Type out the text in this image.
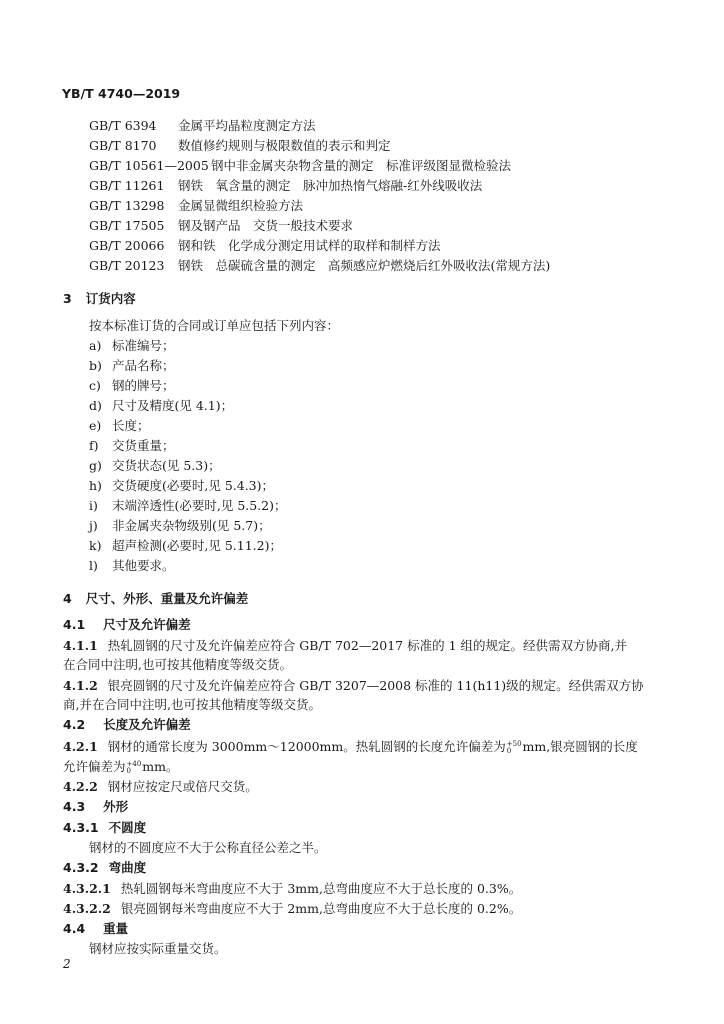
YB/T 4740—2019
GB/T 6394 金属平均晶粒度测定方法
GB/T 8170 数值修约规则与极限数值的表示和判定
GB/T 10561—2005 钢中非金属夹杂物含量的测定　标准评级图显微检验法
GB/T 11261 钢铁　氧含量的测定　脉冲加热惰气熔融-红外线吸收法
GB/T 13298 金属显微组织检验方法
GB/T 17505 钢及钢产品　交货一般技术要求
GB/T 20066 钢和铁　化学成分测定用试样的取样和制样方法
GB/T 20123 钢铁　总碳硫含量的测定　高频感应炉燃烧后红外吸收法(常规方法)
3 订货内容
按本标准订货的合同或订单应包括下列内容：
a) 标准编号；
b) 产品名称；
c) 钢的牌号；
d) 尺寸及精度(见 4.1)；
e) 长度；
f) 交货重量；
g) 交货状态(见 5.3)；
h) 交货硬度(必要时,见 5.4.3)；
i) 末端淬透性(必要时,见 5.5.2)；
j) 非金属夹杂物级别(见 5.7)；
k) 超声检测(必要时,见 5.11.2)；
l) 其他要求。
4 尺寸、外形、重量及允许偏差
4.1 尺寸及允许偏差
4.1.1 热轧圆钢的尺寸及允许偏差应符合 GB/T 702—2017 标准的 1 组的规定。经供需双方协商,并
在合同中注明,也可按其他精度等级交货。
4.1.2 银亮圆钢的尺寸及允许偏差应符合 GB/T 3207—2008 标准的 11(h11)级的规定。经供需双方协
商,并在合同中注明,也可按其他精度等级交货。
4.2 长度及允许偏差
4.2.1 钢材的通常长度为 3000mm～12000mm。热轧圆钢的长度允许偏差为 +50
0 mm,银亮圆钢的长度
允许偏差为 +40
0 mm。
4.2.2 钢材应按定尺或倍尺交货。
4.3 外形
4.3.1 不圆度
钢材的不圆度应不大于公称直径公差之半。
4.3.2 弯曲度
4.3.2.1 热轧圆钢每米弯曲度应不大于 3mm,总弯曲度应不大于总长度的 0.3%。
4.3.2.2 银亮圆钢每米弯曲度应不大于 2mm,总弯曲度应不大于总长度的 0.2%。
4.4 重量
钢材应按实际重量交货。
2
